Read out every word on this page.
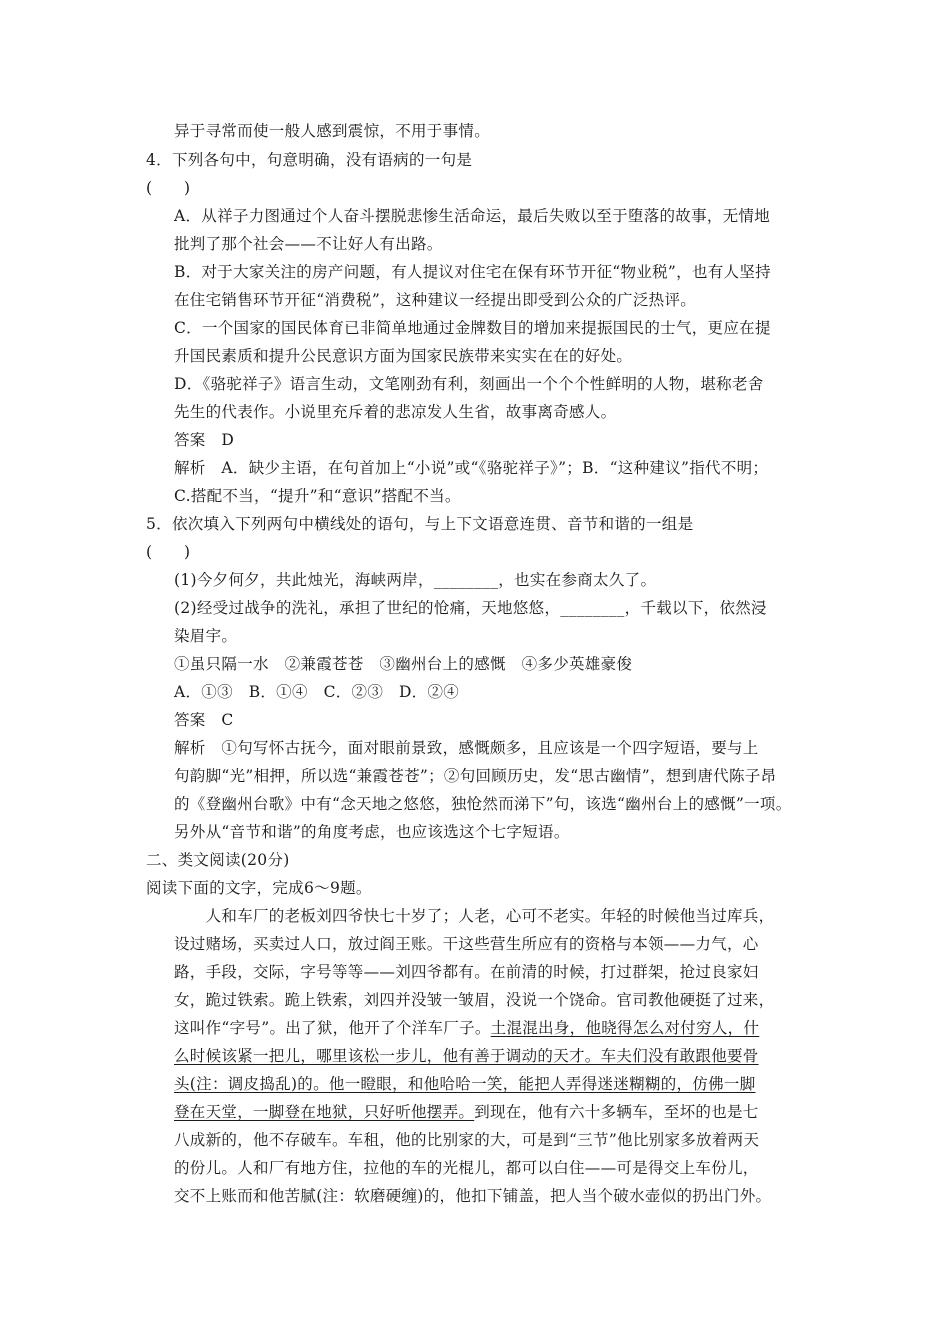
异于寻常而使一般人感到震惊，不用于事情。
4．下列各句中，句意明确，没有语病的一句是
(　　)
A．从祥子力图通过个人奋斗摆脱悲惨生活命运，最后失败以至于堕落的故事，无情地
批判了那个社会——不让好人有出路。
B．对于大家关注的房产问题，有人提议对住宅在保有环节开征“物业税”，也有人坚持
在住宅销售环节开征“消费税”，这种建议一经提出即受到公众的广泛热评。
C．一个国家的国民体育已非简单地通过金牌数目的增加来提振国民的士气，更应在提
升国民素质和提升公民意识方面为国家民族带来实实在在的好处。
D．《骆驼祥子》语言生动，文笔刚劲有利，刻画出一个个个性鲜明的人物，堪称老舍
先生的代表作。小说里充斥着的悲凉发人生省，故事离奇感人。
答案　D
解析　A．缺少主语，在句首加上“小说”或“《骆驼祥子》”；B．“这种建议”指代不明；
C.搭配不当，“提升”和“意识”搭配不当。
5．依次填入下列两句中横线处的语句，与上下文语意连贯、音节和谐的一组是
(　　)
(1)今夕何夕，共此烛光，海峡两岸，________，也实在参商太久了。
(2)经受过战争的洗礼，承担了世纪的怆痛，天地悠悠，________，千载以下，依然浸
染眉宇。
①虽只隔一水　②兼霞苍苍　③幽州台上的感慨　④多少英雄豪俊
A．①③　B．①④　C．②③　D．②④
答案　C
解析　①句写怀古抚今，面对眼前景致，感慨颇多，且应该是一个四字短语，要与上
句韵脚“光”相押，所以选“兼霞苍苍”；②句回顾历史，发“思古幽情”，想到唐代陈子昂
的《登幽州台歌》中有“念天地之悠悠，独怆然而涕下”句，该选“幽州台上的感慨”一项。
另外从“音节和谐”的角度考虑，也应该选这个七字短语。
二、类文阅读(20分)
阅读下面的文字，完成6～9题。
　　人和车厂的老板刘四爷快七十岁了；人老，心可不老实。年轻的时候他当过库兵，
设过赌场，买卖过人口，放过阎王账。干这些营生所应有的资格与本领——力气，心
路，手段，交际，字号等等——刘四爷都有。在前清的时候，打过群架，抢过良家妇
女，跪过铁索。跪上铁索，刘四并没皱一皱眉，没说一个饶命。官司教他硬挺了过来，
这叫作“字号”。出了狱，他开了个洋车厂子。土混混出身，他晓得怎么对付穷人，什
么时候该紧一把儿，哪里该松一步儿，他有善于调动的天才。车夫们没有敢跟他要骨
头(注：调皮捣乱)的。他一瞪眼，和他哈哈一笑，能把人弄得迷迷糊糊的，仿佛一脚
登在天堂，一脚登在地狱，只好听他摆弄。到现在，他有六十多辆车，至坏的也是七
八成新的，他不存破车。车租，他的比别家的大，可是到“三节”他比别家多放着两天
的份儿。人和厂有地方住，拉他的车的光棍儿，都可以白住——可是得交上车份儿，
交不上账而和他苦腻(注：软磨硬缠)的，他扣下铺盖，把人当个破水壶似的扔出门外。
